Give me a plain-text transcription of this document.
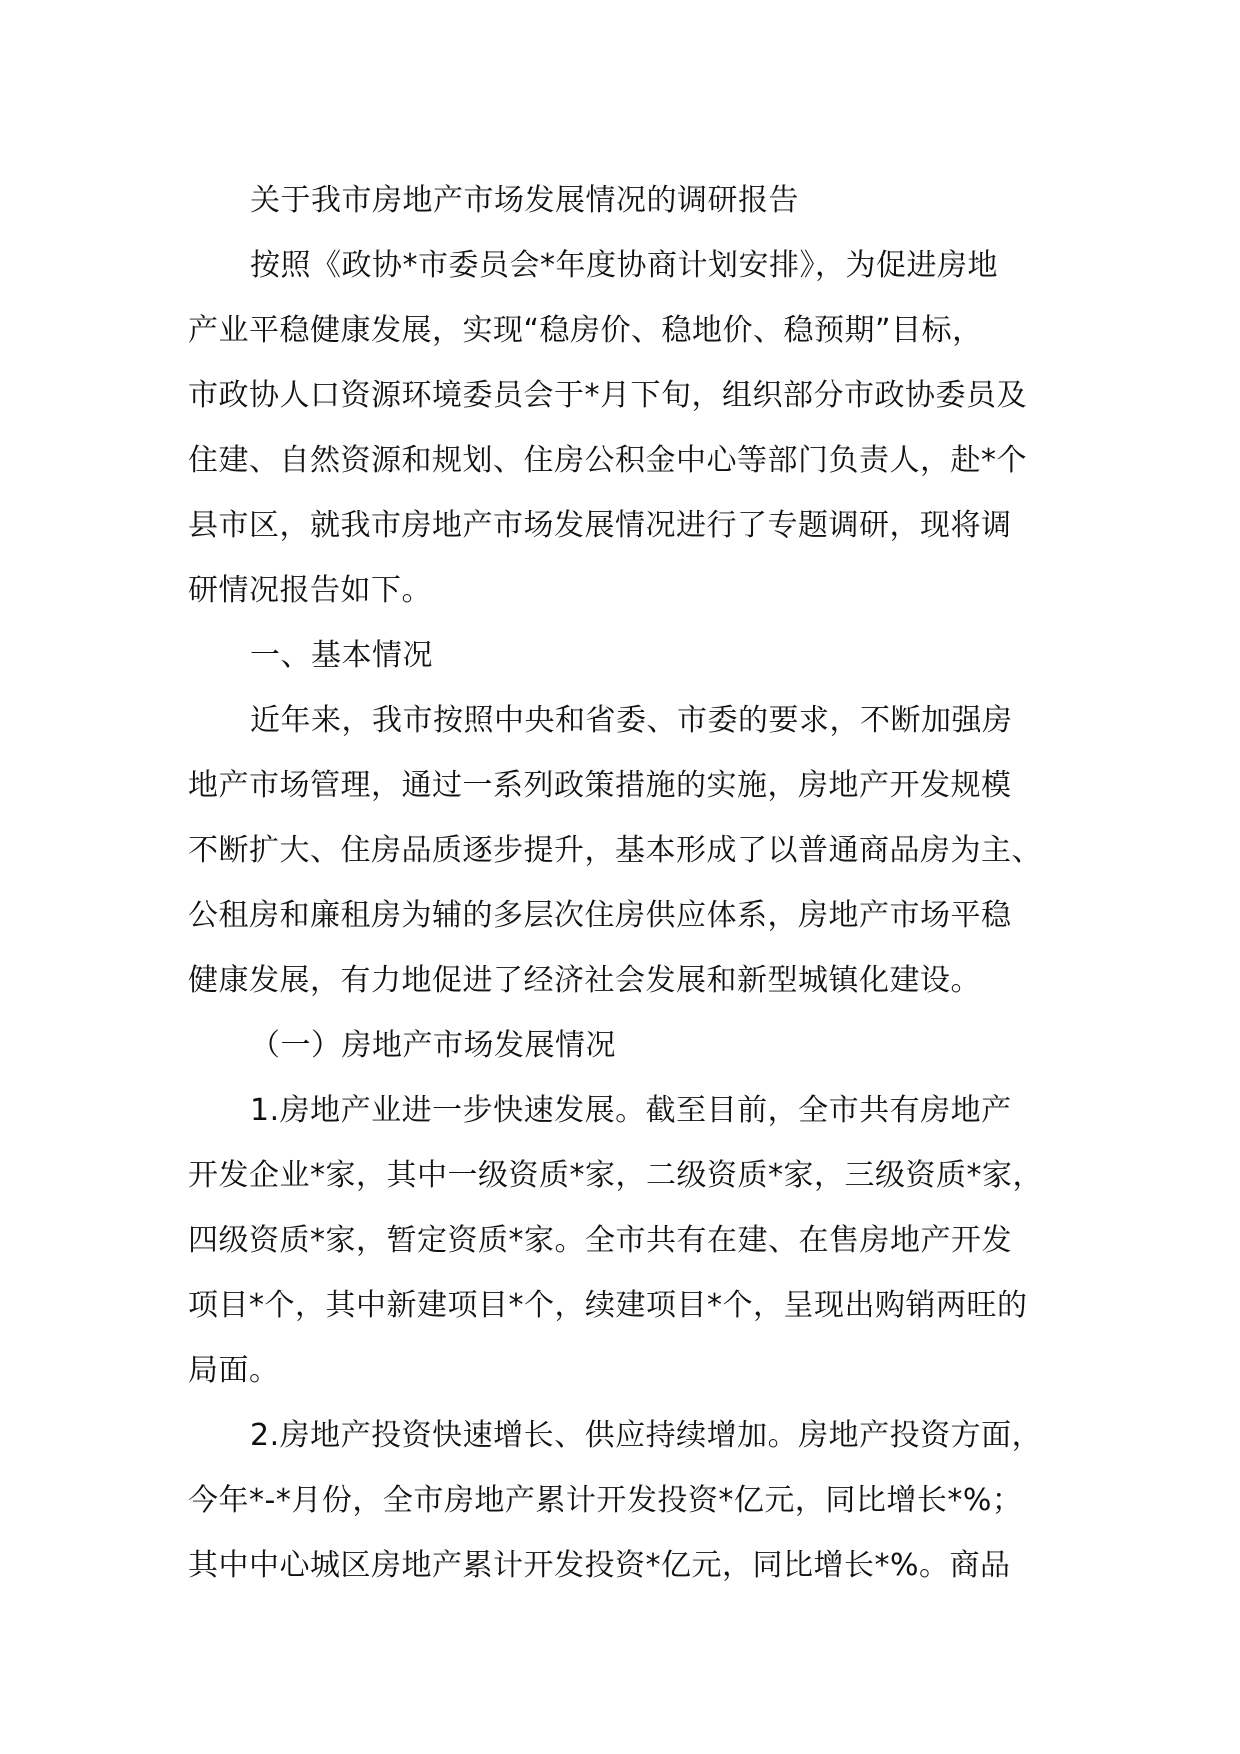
关于我市房地产市场发展情况的调研报告
按照《政协*市委员会*年度协商计划安排》，为促进房地
产业平稳健康发展，实现“稳房价、稳地价、稳预期”目标，
市政协人口资源环境委员会于*月下旬，组织部分市政协委员及
住建、自然资源和规划、住房公积金中心等部门负责人，赴*个
县市区，就我市房地产市场发展情况进行了专题调研，现将调
研情况报告如下。
一、基本情况
近年来，我市按照中央和省委、市委的要求，不断加强房
地产市场管理，通过一系列政策措施的实施，房地产开发规模
不断扩大、住房品质逐步提升，基本形成了以普通商品房为主、
公租房和廉租房为辅的多层次住房供应体系，房地产市场平稳
健康发展，有力地促进了经济社会发展和新型城镇化建设。
（一）房地产市场发展情况
1.房地产业进一步快速发展。截至目前，全市共有房地产
开发企业*家，其中一级资质*家，二级资质*家，三级资质*家，
四级资质*家，暂定资质*家。全市共有在建、在售房地产开发
项目*个，其中新建项目*个，续建项目*个，呈现出购销两旺的
局面。
2.房地产投资快速增长、供应持续增加。房地产投资方面，
今年*-*月份，全市房地产累计开发投资*亿元，同比增长*%；
其中中心城区房地产累计开发投资*亿元，同比增长*%。商品
